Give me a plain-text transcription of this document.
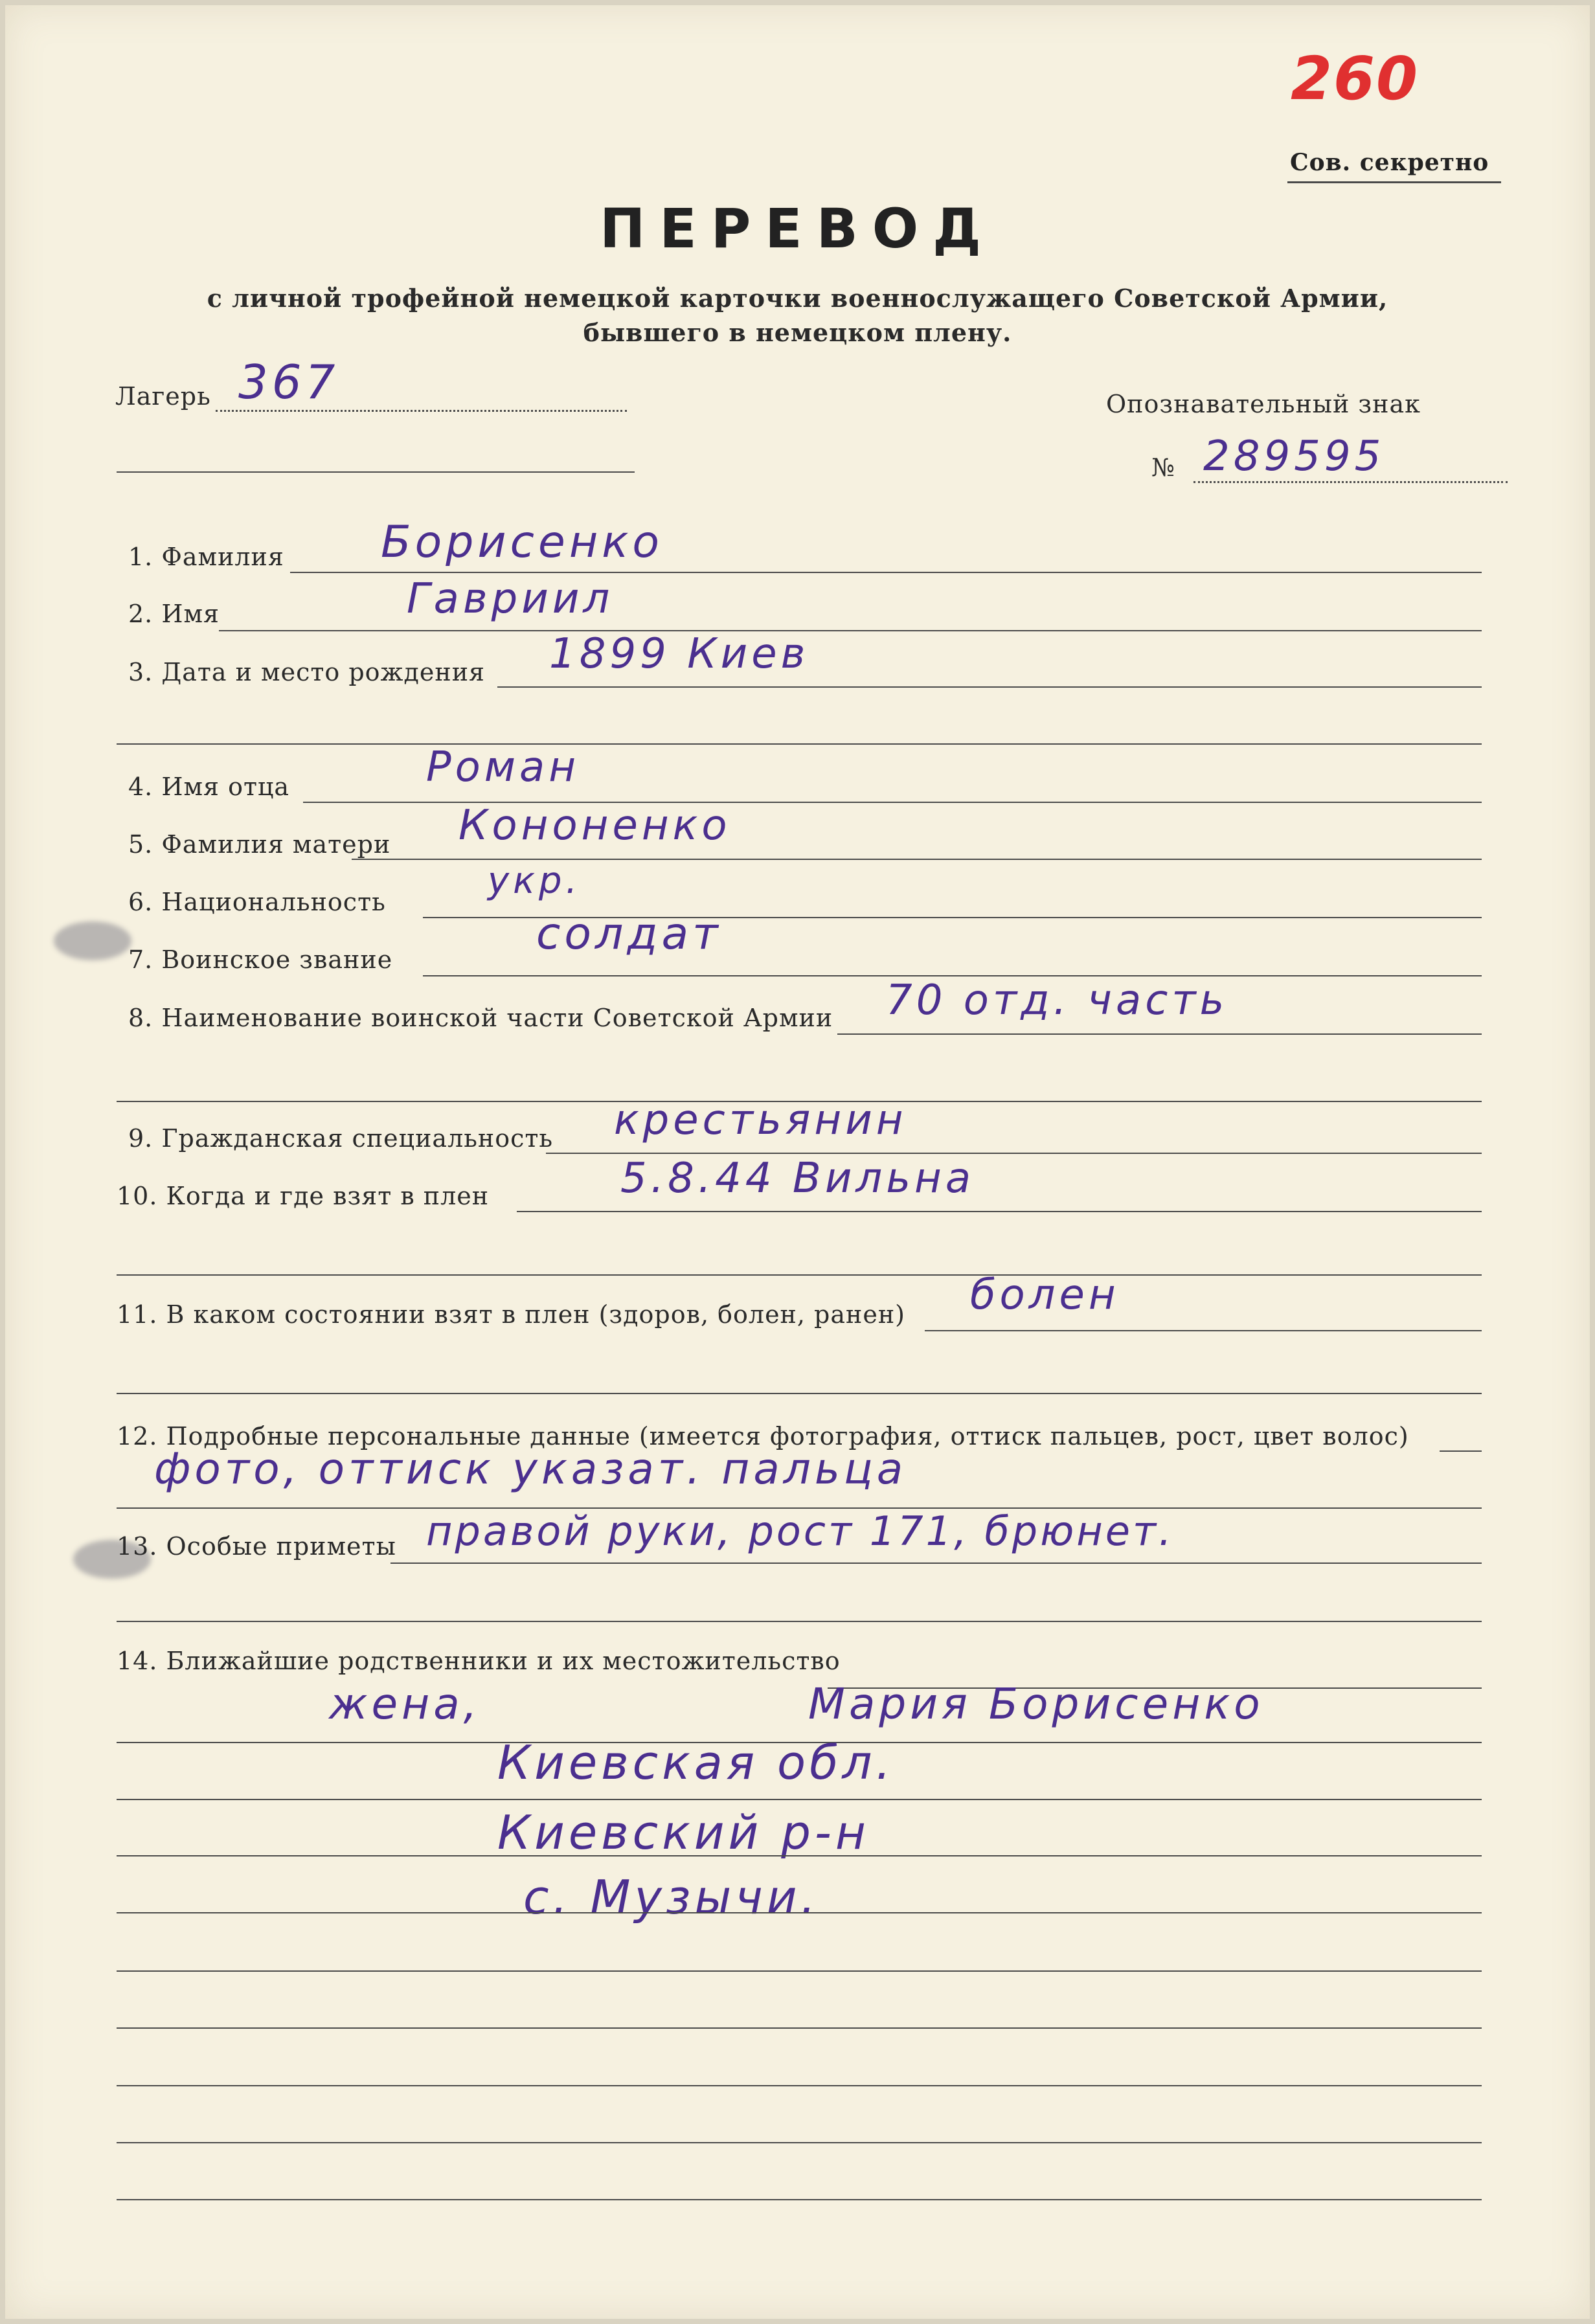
260
Сов. секретно
ПЕРЕВОД
с личной трофейной немецкой карточки военнослужащего Советской Армии,
бывшего в немецком плену.
Лагерь 367	Опознавательный знак
№ 289595
1. Фамилия Борисенко
2. Имя	Гавриил
3. Дата и место рождения 1899 Киев
4. Имя отца	Роман
5. Фамилия матери Кононенко
6. Национальность	укр.
7. Воинское звание	солдат
8. Наименование воинской части Советской Армии 70 отд. часть
9. Гражданская специальность крестьянин
10. Когда и где взят в плен	5.8.44 Вильна
11. В каком состоянии взят в плен (здоров, болен, ранен) болен
12. Подробные персональные данные (имеется фотография, оттиск пальцев, рост, цвет волос)
фото, оттиск указат. пальца
13. Особые приметы правой руки, рост 171, брюнет.
14. Ближайшие родственники и их местожительство
жена,	Мария Борисенко
Киевская обл.
Киевский р-н
с. Музычи.
